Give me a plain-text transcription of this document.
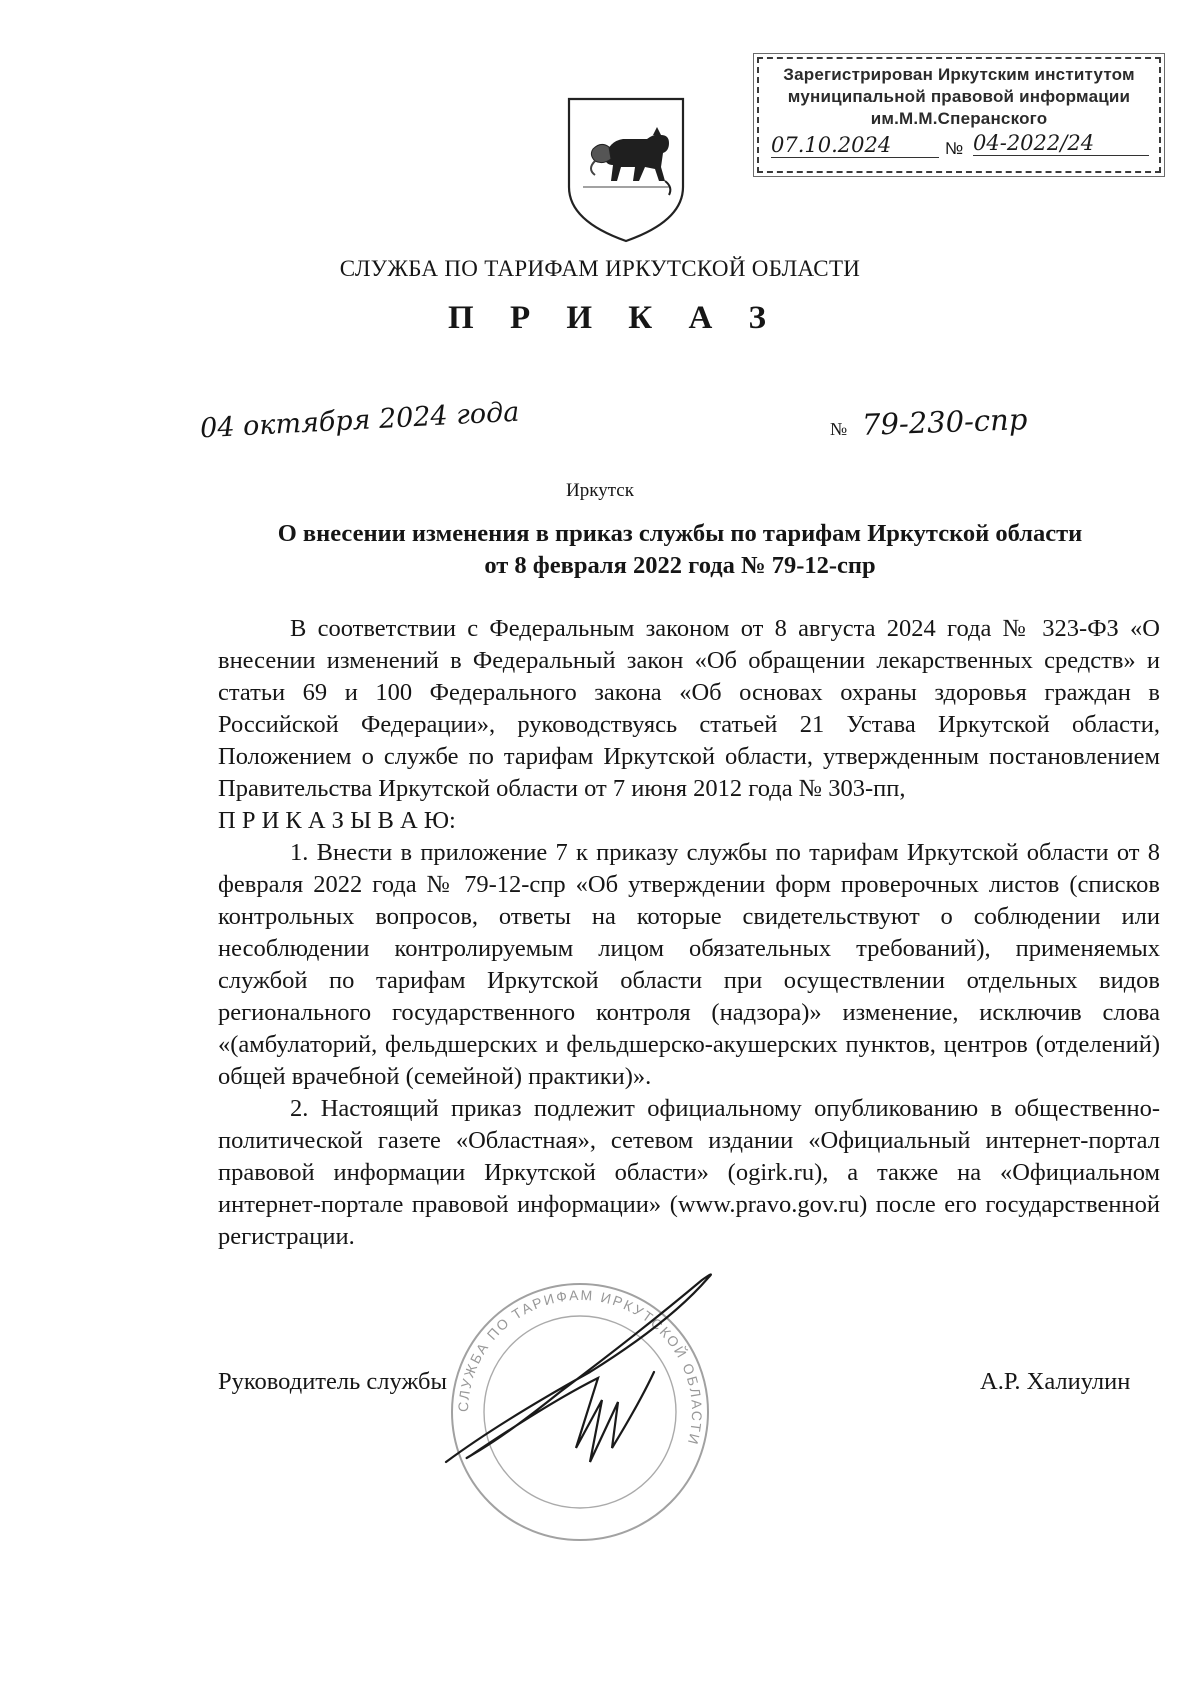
Зарегистрирован Иркутским институтом
муниципальной правовой информации
им.М.М.Сперанского
07.10.2024	№ 04-2022/24
СЛУЖБА ПО ТАРИФАМ ИРКУТСКОЙ ОБЛАСТИ
П Р И К А З
04 октября 2024 года	№ 79-230-спр
Иркутск
О внесении изменения в приказ службы по тарифам Иркутской области
от 8 февраля 2022 года № 79-12-спр

В соответствии с Федеральным законом от 8 августа 2024 года № 323-ФЗ «О внесении изменений в Федеральный закон «Об обращении лекарственных средств» и статьи 69 и 100 Федерального закона «Об основах охраны здоровья граждан в Российской Федерации», руководствуясь статьей 21 Устава Иркутской области, Положением о службе по тарифам Иркутской области, утвержденным постановлением Правительства Иркутской области от 7 июня 2012 года № 303-пп,

П Р И К А З Ы В А Ю:

1. Внести в приложение 7 к приказу службы по тарифам Иркутской области от 8 февраля 2022 года № 79-12-спр «Об утверждении форм проверочных листов (списков контрольных вопросов, ответы на которые свидетельствуют о соблюдении или несоблюдении контролируемым лицом обязательных требований), применяемых службой по тарифам Иркутской области при осуществлении отдельных видов регионального государственного контроля (надзора)» изменение, исключив слова «(амбулаторий, фельдшерских и фельдшерско-акушерских пунктов, центров (отделений) общей врачебной (семейной) практики)».

2. Настоящий приказ подлежит официальному опубликованию в общественно-политической газете «Областная», сетевом издании «Официальный интернет-портал правовой информации Иркутской области» (ogirk.ru), а также на «Официальном интернет-портале правовой информации» (www.pravo.gov.ru) после его государственной регистрации.

СЛУЖБА ПО ТАРИФАМ ИРКУТСКОЙ ОБЛАСТИ
Руководитель службы	А.Р. Халиулин
